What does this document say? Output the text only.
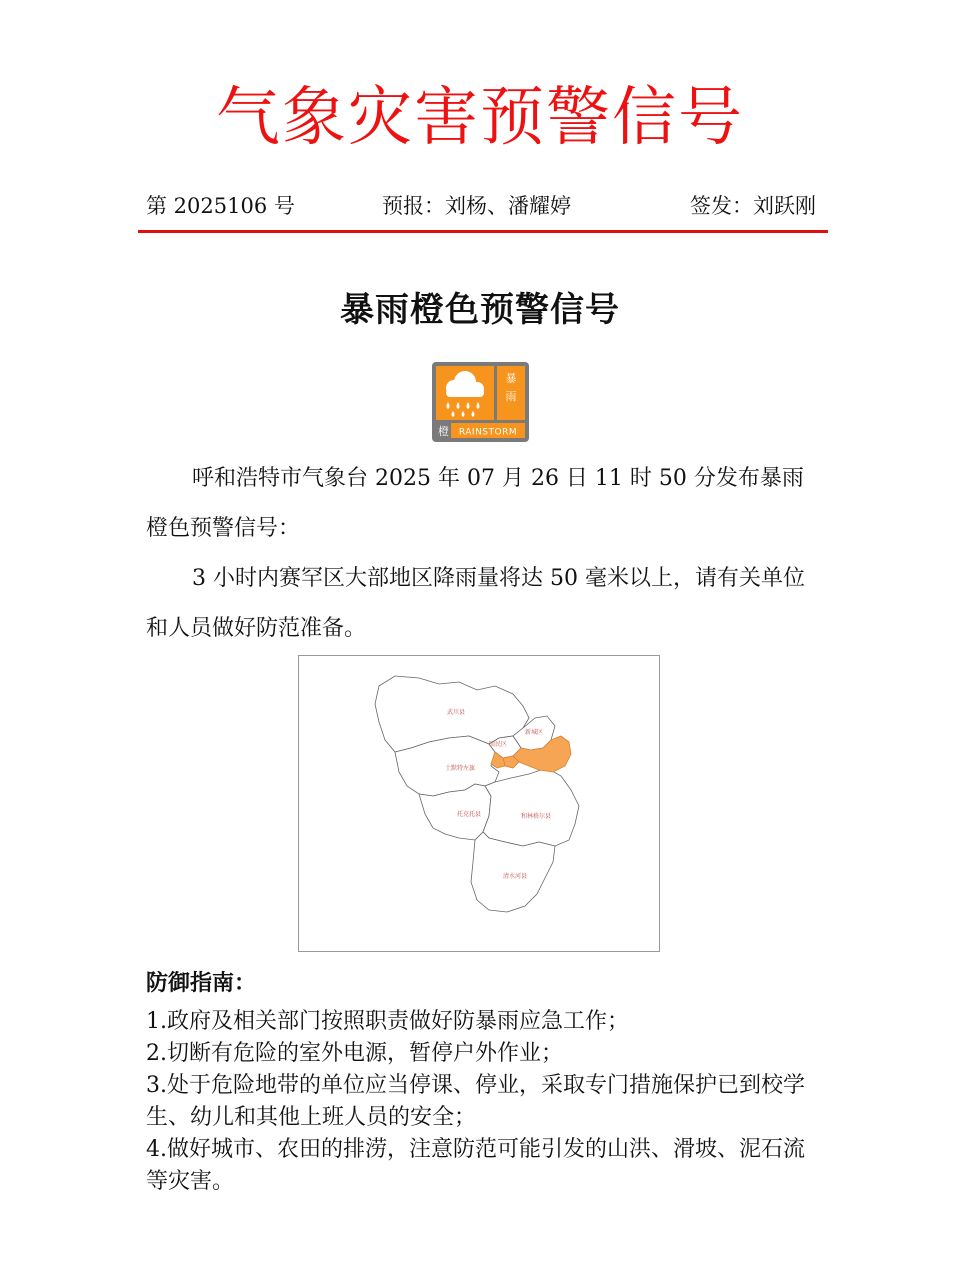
气象灾害预警信号
第 2025106 号	预报：刘杨、潘耀婷	签发：刘跃刚
暴雨橙色预警信号
暴
雨
橙 RAINSTORM

呼和浩特市气象台 2025 年 07 月 26 日 11 时 50 分发布暴雨橙色预警信号：

3 小时内赛罕区大部地区降雨量将达 50 毫米以上，请有关单位和人员做好防范准备。

武川县
新城区
回民区
土默特左旗
托克托县	和林格尔县
清水河县
防御指南：
1.政府及相关部门按照职责做好防暴雨应急工作；
2.切断有危险的室外电源，暂停户外作业；
3.处于危险地带的单位应当停课、停业，采取专门措施保护已到校学生、幼儿和其他上班人员的安全；
4.做好城市、农田的排涝，注意防范可能引发的山洪、滑坡、泥石流等灾害。
